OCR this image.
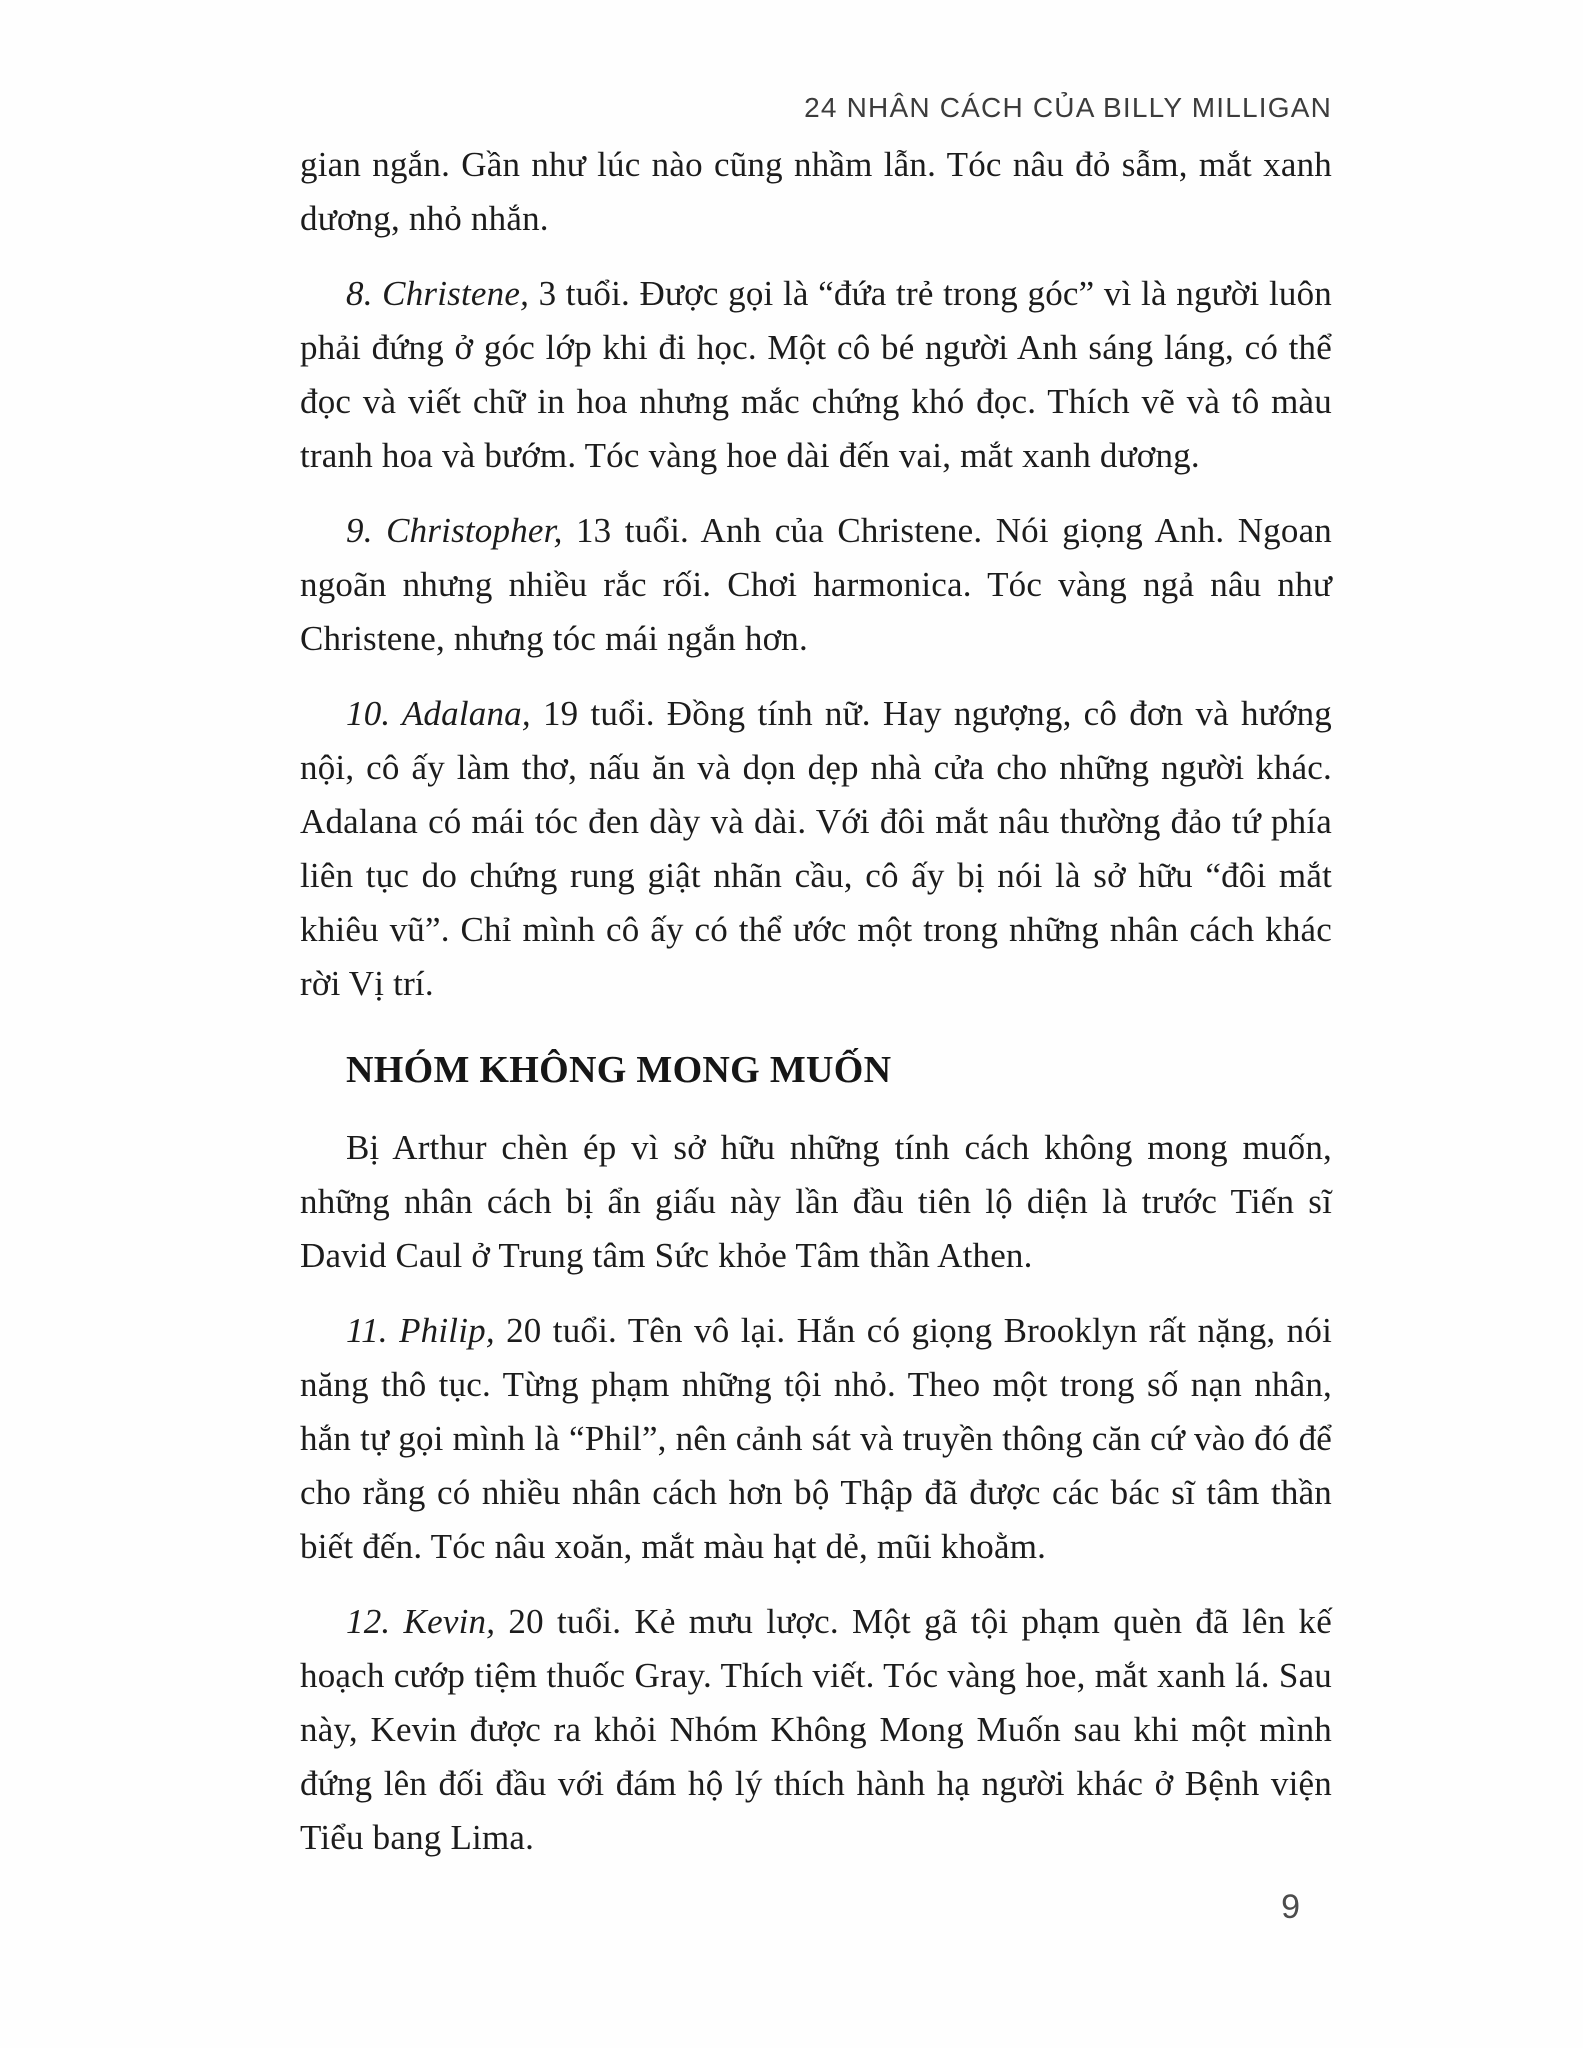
24 NHÂN CÁCH CỦA BILLY MILLIGAN

gian ngắn. Gần như lúc nào cũng nhầm lẫn. Tóc nâu đỏ sẫm, mắt xanh dương, nhỏ nhắn.

8. Christene, 3 tuổi. Được gọi là “đứa trẻ trong góc” vì là người luôn phải đứng ở góc lớp khi đi học. Một cô bé người Anh sáng láng, có thể đọc và viết chữ in hoa nhưng mắc chứng khó đọc. Thích vẽ và tô màu tranh hoa và bướm. Tóc vàng hoe dài đến vai, mắt xanh dương.

9. Christopher, 13 tuổi. Anh của Christene. Nói giọng Anh. Ngoan ngoãn nhưng nhiều rắc rối. Chơi harmonica. Tóc vàng ngả nâu như Christene, nhưng tóc mái ngắn hơn.

10. Adalana, 19 tuổi. Đồng tính nữ. Hay ngượng, cô đơn và hướng nội, cô ấy làm thơ, nấu ăn và dọn dẹp nhà cửa cho những người khác. Adalana có mái tóc đen dày và dài. Với đôi mắt nâu thường đảo tứ phía liên tục do chứng rung giật nhãn cầu, cô ấy bị nói là sở hữu “đôi mắt khiêu vũ”. Chỉ mình cô ấy có thể ước một trong những nhân cách khác rời Vị trí.

NHÓM KHÔNG MONG MUỐN

Bị Arthur chèn ép vì sở hữu những tính cách không mong muốn, những nhân cách bị ẩn giấu này lần đầu tiên lộ diện là trước Tiến sĩ David Caul ở Trung tâm Sức khỏe Tâm thần Athen.

11. Philip, 20 tuổi. Tên vô lại. Hắn có giọng Brooklyn rất nặng, nói năng thô tục. Từng phạm những tội nhỏ. Theo một trong số nạn nhân, hắn tự gọi mình là “Phil”, nên cảnh sát và truyền thông căn cứ vào đó để cho rằng có nhiều nhân cách hơn bộ Thập đã được các bác sĩ tâm thần biết đến. Tóc nâu xoăn, mắt màu hạt dẻ, mũi khoằm.

12. Kevin, 20 tuổi. Kẻ mưu lược. Một gã tội phạm quèn đã lên kế hoạch cướp tiệm thuốc Gray. Thích viết. Tóc vàng hoe, mắt xanh lá. Sau này, Kevin được ra khỏi Nhóm Không Mong Muốn sau khi một mình đứng lên đối đầu với đám hộ lý thích hành hạ người khác ở Bệnh viện Tiểu bang Lima.

9
